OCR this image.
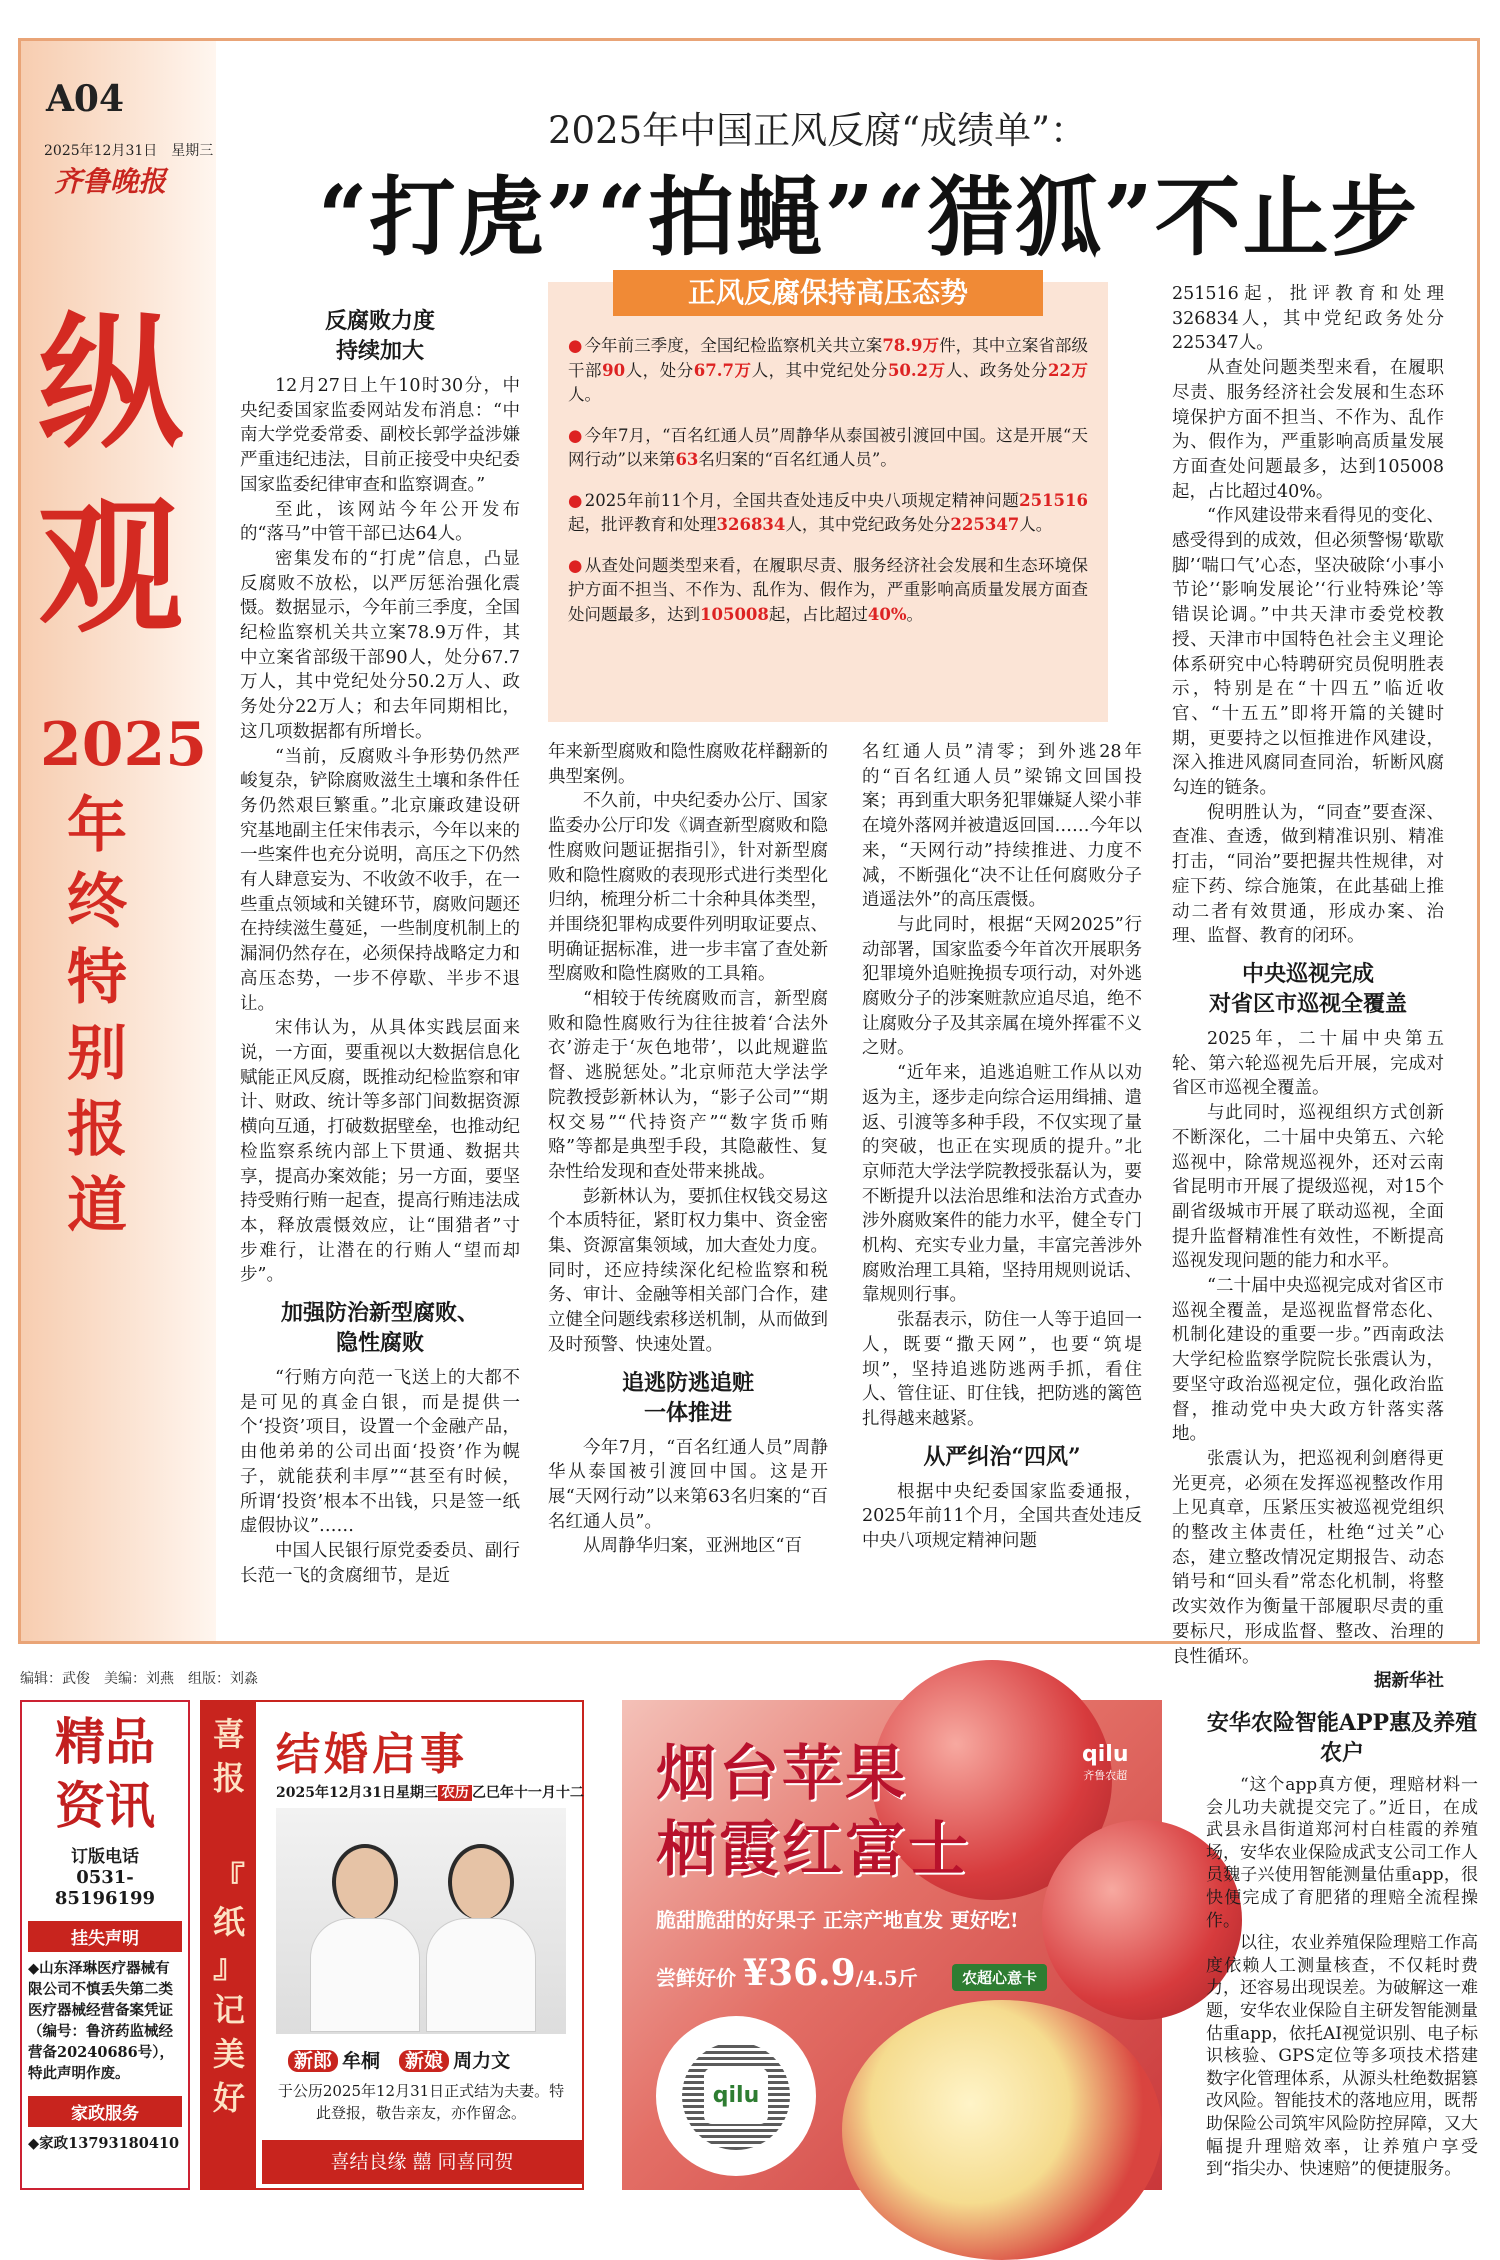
A04
2025年12月31日　星期三
齐鲁晚报
纵
观
2025
年终特别报道
2025年中国正风反腐“成绩单”：
“打虎”“拍蝇”“猎狐”不止步
正风反腐保持高压态势

● 今年前三季度，全国纪检监察机关共立案78.9万件，其中立案省部级干部90人，处分67.7万人，其中党纪处分50.2万人、政务处分22万人。

● 今年7月，“百名红通人员”周静华从泰国被引渡回中国。这是开展“天网行动”以来第63名归案的“百名红通人员”。

● 2025年前11个月，全国共查处违反中央八项规定精神问题251516起，批评教育和处理326834人，其中党纪政务处分225347人。

● 从查处问题类型来看，在履职尽责、服务经济社会发展和生态环境保护方面不担当、不作为、乱作为、假作为，严重影响高质量发展方面查处问题最多，达到105008起，占比超过40%。

反腐败力度
持续加大

12月27日上午10时30分，中央纪委国家监委网站发布消息：“中南大学党委常委、副校长郭学益涉嫌严重违纪违法，目前正接受中央纪委国家监委纪律审查和监察调查。”

至此，该网站今年公开发布的“落马”中管干部已达64人。

密集发布的“打虎”信息，凸显反腐败不放松，以严厉惩治强化震慑。数据显示，今年前三季度，全国纪检监察机关共立案78.9万件，其中立案省部级干部90人，处分67.7万人，其中党纪处分50.2万人、政务处分22万人；和去年同期相比，这几项数据都有所增长。

“当前，反腐败斗争形势仍然严峻复杂，铲除腐败滋生土壤和条件任务仍然艰巨繁重。”北京廉政建设研究基地副主任宋伟表示，今年以来的一些案件也充分说明，高压之下仍然有人肆意妄为、不收敛不收手，在一些重点领域和关键环节，腐败问题还在持续滋生蔓延，一些制度机制上的漏洞仍然存在，必须保持战略定力和高压态势，一步不停歇、半步不退让。

宋伟认为，从具体实践层面来说，一方面，要重视以大数据信息化赋能正风反腐，既推动纪检监察和审计、财政、统计等多部门间数据资源横向互通，打破数据壁垒，也推动纪检监察系统内部上下贯通、数据共享，提高办案效能；另一方面，要坚持受贿行贿一起查，提高行贿违法成本，释放震慑效应，让“围猎者”寸步难行，让潜在的行贿人“望而却步”。

加强防治新型腐败、
隐性腐败

“行贿方向范一飞送上的大都不是可见的真金白银，而是提供一个‘投资’项目，设置一个金融产品，由他弟弟的公司出面‘投资’作为幌子，就能获利丰厚”“甚至有时候，所谓‘投资’根本不出钱，只是签一纸虚假协议”……

中国人民银行原党委委员、副行长范一飞的贪腐细节，是近

年来新型腐败和隐性腐败花样翻新的典型案例。

不久前，中央纪委办公厅、国家监委办公厅印发《调查新型腐败和隐性腐败问题证据指引》，针对新型腐败和隐性腐败的表现形式进行类型化归纳，梳理分析二十余种具体类型，并围绕犯罪构成要件列明取证要点、明确证据标准，进一步丰富了查处新型腐败和隐性腐败的工具箱。

“相较于传统腐败而言，新型腐败和隐性腐败行为往往披着‘合法外衣’游走于‘灰色地带’，以此规避监督、逃脱惩处。”北京师范大学法学院教授彭新林认为，“影子公司”“期权交易”“代持资产”“数字货币贿赂”等都是典型手段，其隐蔽性、复杂性给发现和查处带来挑战。

彭新林认为，要抓住权钱交易这个本质特征，紧盯权力集中、资金密集、资源富集领域，加大查处力度。同时，还应持续深化纪检监察和税务、审计、金融等相关部门合作，建立健全问题线索移送机制，从而做到及时预警、快速处置。

追逃防逃追赃
一体推进

今年7月，“百名红通人员”周静华从泰国被引渡回中国。这是开展“天网行动”以来第63名归案的“百名红通人员”。

从周静华归案，亚洲地区“百

名红通人员”清零；到外逃28年的“百名红通人员”梁锦文回国投案；再到重大职务犯罪嫌疑人梁小菲在境外落网并被遣返回国……今年以来，“天网行动”持续推进、力度不减，不断强化“决不让任何腐败分子逍遥法外”的高压震慑。

与此同时，根据“天网2025”行动部署，国家监委今年首次开展职务犯罪境外追赃挽损专项行动，对外逃腐败分子的涉案赃款应追尽追，绝不让腐败分子及其亲属在境外挥霍不义之财。

“近年来，追逃追赃工作从以劝返为主，逐步走向综合运用缉捕、遣返、引渡等多种手段，不仅实现了量的突破，也正在实现质的提升。”北京师范大学法学院教授张磊认为，要不断提升以法治思维和法治方式查办涉外腐败案件的能力水平，健全专门机构、充实专业力量，丰富完善涉外腐败治理工具箱，坚持用规则说话、靠规则行事。

张磊表示，防住一人等于追回一人，既要“撒天网”，也要“筑堤坝”，坚持追逃防逃两手抓，看住人、管住证、盯住钱，把防逃的篱笆扎得越来越紧。

从严纠治“四风”

根据中央纪委国家监委通报，2025年前11个月，全国共查处违反中央八项规定精神问题

251516起，批评教育和处理326834人，其中党纪政务处分225347人。

从查处问题类型来看，在履职尽责、服务经济社会发展和生态环境保护方面不担当、不作为、乱作为、假作为，严重影响高质量发展方面查处问题最多，达到105008起，占比超过40%。

“作风建设带来看得见的变化、感受得到的成效，但必须警惕‘歇歇脚’‘喘口气’心态，坚决破除‘小事小节论’‘影响发展论’‘行业特殊论’等错误论调。”中共天津市委党校教授、天津市中国特色社会主义理论体系研究中心特聘研究员倪明胜表示，特别是在“十四五”临近收官、“十五五”即将开篇的关键时期，更要持之以恒推进作风建设，深入推进风腐同查同治，斩断风腐勾连的链条。

倪明胜认为，“同查”要查深、查准、查透，做到精准识别、精准打击，“同治”要把握共性规律，对症下药、综合施策，在此基础上推动二者有效贯通，形成办案、治理、监督、教育的闭环。

中央巡视完成
对省区市巡视全覆盖

2025年，二十届中央第五轮、第六轮巡视先后开展，完成对省区市巡视全覆盖。

与此同时，巡视组织方式创新不断深化，二十届中央第五、六轮巡视中，除常规巡视外，还对云南省昆明市开展了提级巡视，对15个副省级城市开展了联动巡视，全面提升监督精准性有效性，不断提高巡视发现问题的能力和水平。

“二十届中央巡视完成对省区市巡视全覆盖，是巡视监督常态化、机制化建设的重要一步。”西南政法大学纪检监察学院院长张震认为，要坚守政治巡视定位，强化政治监督，推动党中央大政方针落实落地。

张震认为，把巡视利剑磨得更光更亮，必须在发挥巡视整改作用上见真章，压紧压实被巡视党组织的整改主体责任，杜绝“过关”心态，建立整改情况定期报告、动态销号和“回头看”常态化机制，将整改实效作为衡量干部履职尽责的重要标尺，形成监督、整改、治理的良性循环。

据新华社
编辑：武俊　美编：刘燕　组版：刘淼
精品
资讯
订版电话
0531-85196199
挂失声明
◆山东泽琳医疗器械有限公司不慎丢失第二类医疗器械经营备案凭证（编号：鲁济药监械经营备20240686号），特此声明作废。
家政服务
◆家政13793180410
喜
报
『
纸
』
记
美
好
结婚启事
2025年12月31日星期三 农历 乙巳年十一月十二
新郎 牟桐　 新娘 周力文
于公历2025年12月31日正式结为夫妻。特此登报，敬告亲友，亦作留念。
喜结良缘 囍 同喜同贺
烟台苹果
栖霞红富士
qilu
齐鲁农超
脆甜脆甜的好果子 正宗产地直发 更好吃!
尝鲜好价 ¥36.9/4.5斤	农超心意卡
qilu
安华农险智能APP惠及养殖农户

“这个app真方便，理赔材料一会儿功夫就提交完了。”近日，在成武县永昌街道郑河村白桂霞的养殖场，安华农业保险成武支公司工作人员魏子兴使用智能测量估重app，很快便完成了育肥猪的理赔全流程操作。

以往，农业养殖保险理赔工作高度依赖人工测量核查，不仅耗时费力，还容易出现误差。为破解这一难题，安华农业保险自主研发智能测量估重app，依托AI视觉识别、电子标识核验、GPS定位等多项技术搭建数字化管理体系，从源头杜绝数据篡改风险。智能技术的落地应用，既帮助保险公司筑牢风险防控屏障，又大幅提升理赔效率，让养殖户享受到“指尖办、快速赔”的便捷服务。
